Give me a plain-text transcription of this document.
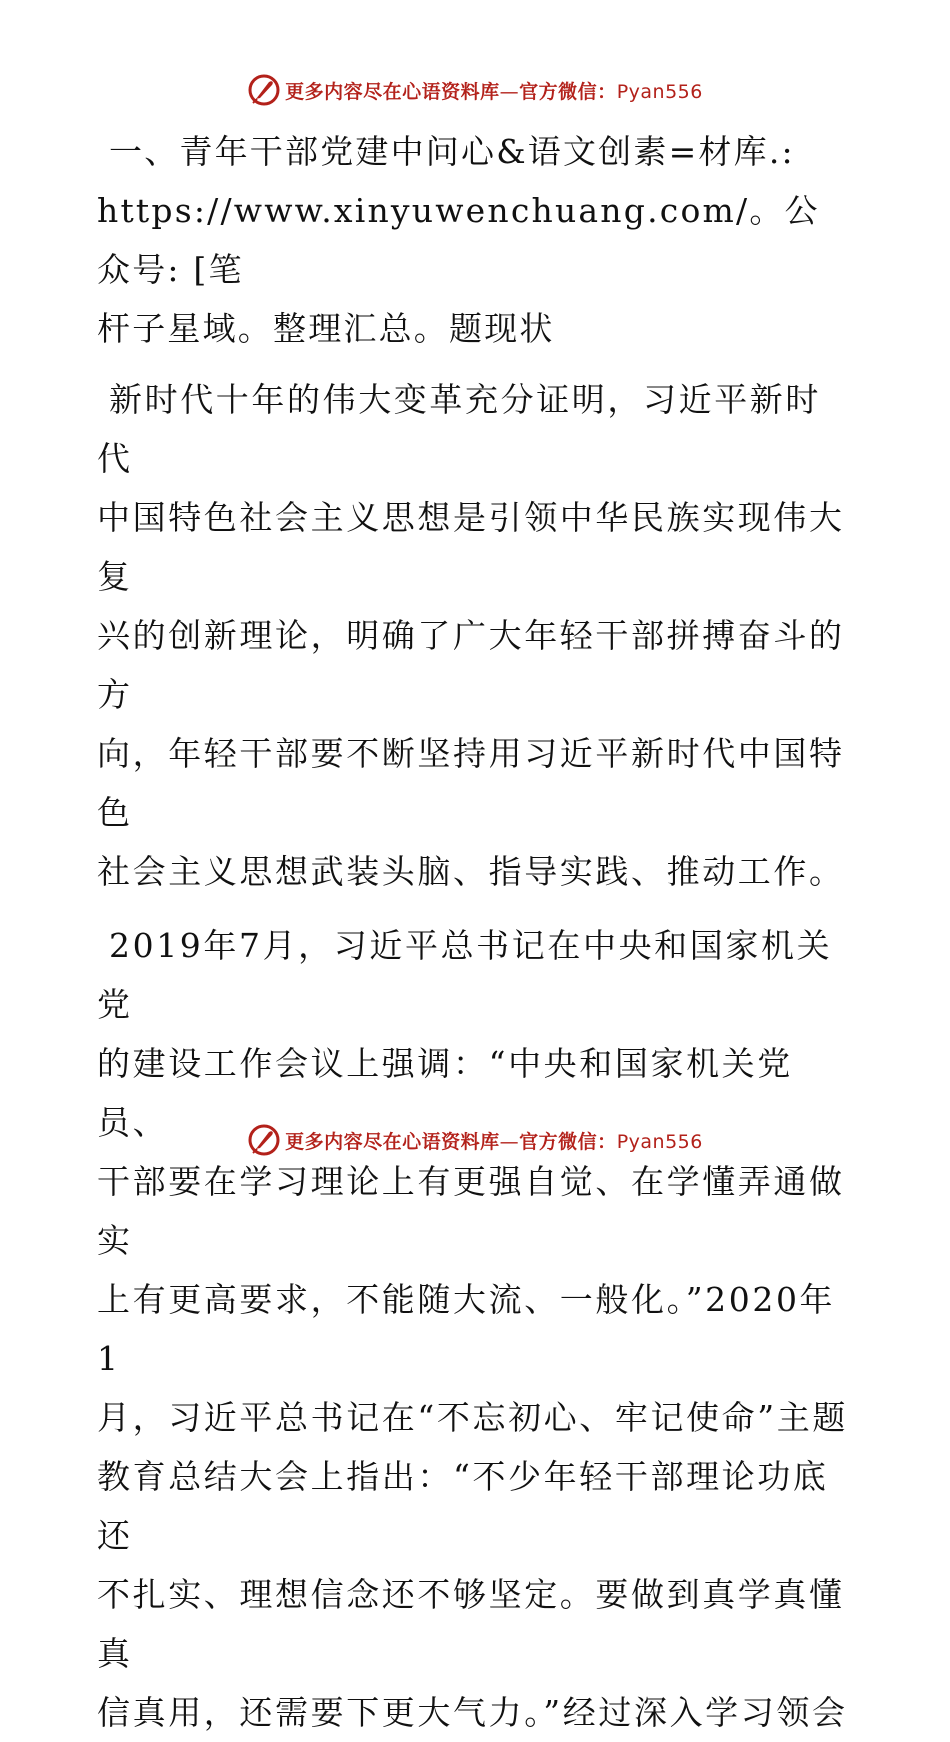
更多内容尽在心语资料库—官方微信：Pyan556

一、青年干部党建中问心&语文创素=材库.:
https://www.xinyuwenchuang.com/。公众号: [笔
杆子星域。整理汇总。题现状

新时代十年的伟大变革充分证明，习近平新时代
中国特色社会主义思想是引领中华民族实现伟大复
兴的创新理论，明确了广大年轻干部拼搏奋斗的方
向，年轻干部要不断坚持用习近平新时代中国特色
社会主义思想武装头脑、指导实践、推动工作。

2019年7月，习近平总书记在中央和国家机关党
的建设工作会议上强调：“中央和国家机关党员、
干部要在学习理论上有更强自觉、在学懂弄通做实
上有更高要求，不能随大流、一般化。”2020年1
月，习近平总书记在“不忘初心、牢记使命”主题
教育总结大会上指出：“不少年轻干部理论功底还
不扎实、理想信念还不够坚定。要做到真学真懂真
信真用，还需要下更大气力。”经过深入学习领会

更多内容尽在心语资料库—官方微信：Pyan556
